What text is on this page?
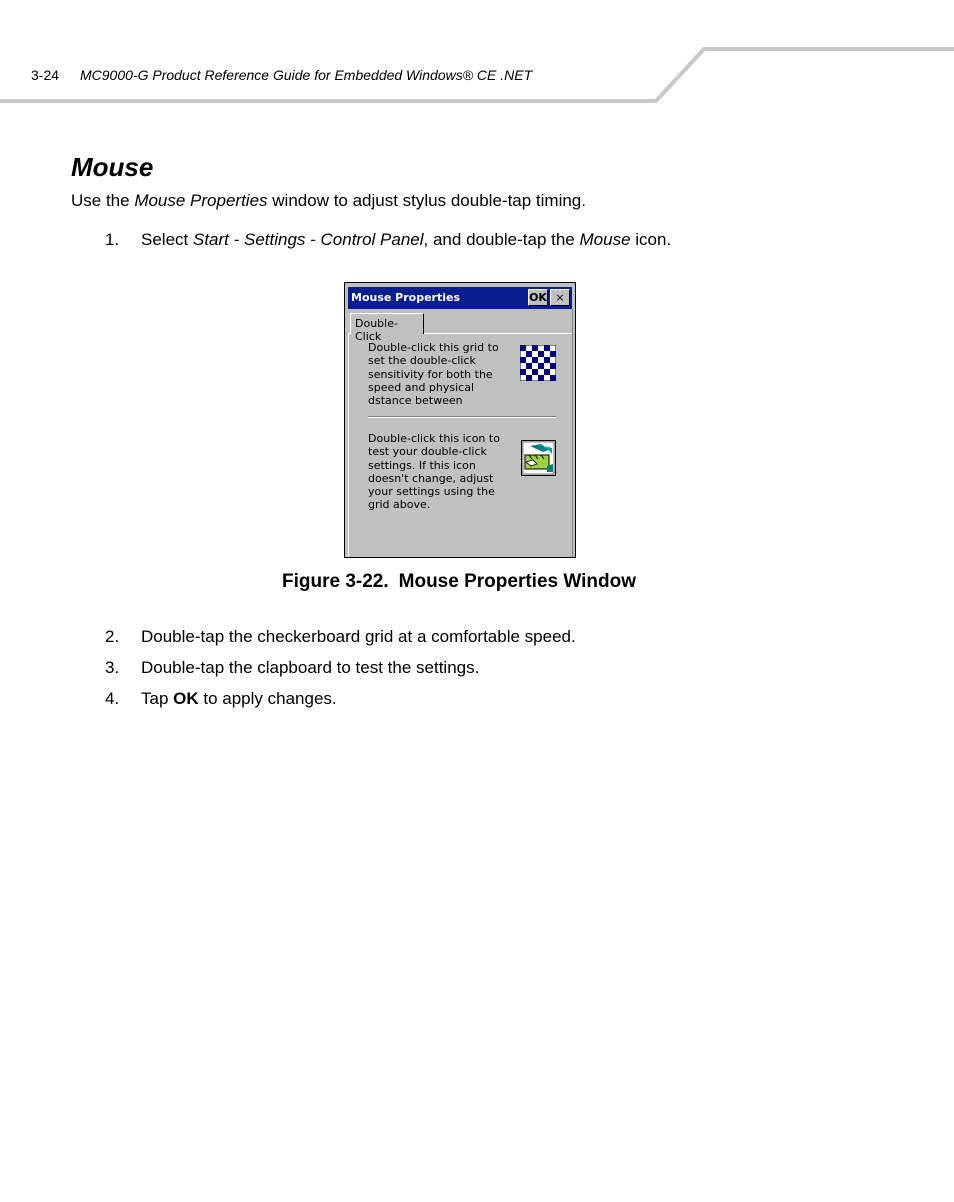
3-24 MC9000-G Product Reference Guide for Embedded Windows® CE .NET
Mouse

Use the Mouse Properties window to adjust stylus double-tap timing.

1. Select Start - Settings - Control Panel, and double-tap the Mouse icon.
Mouse Properties	OK ×
Double-Click
Double-click this grid to
set the double-click
sensitivity for both the
speed and physical
dstance between
Double-click this icon to
test your double-click
settings. If this icon
doesn't change, adjust
your settings using the
grid above.
Figure 3-22. Mouse Properties Window
2. Double-tap the checkerboard grid at a comfortable speed.
3. Double-tap the clapboard to test the settings.
4. Tap OK to apply changes.
